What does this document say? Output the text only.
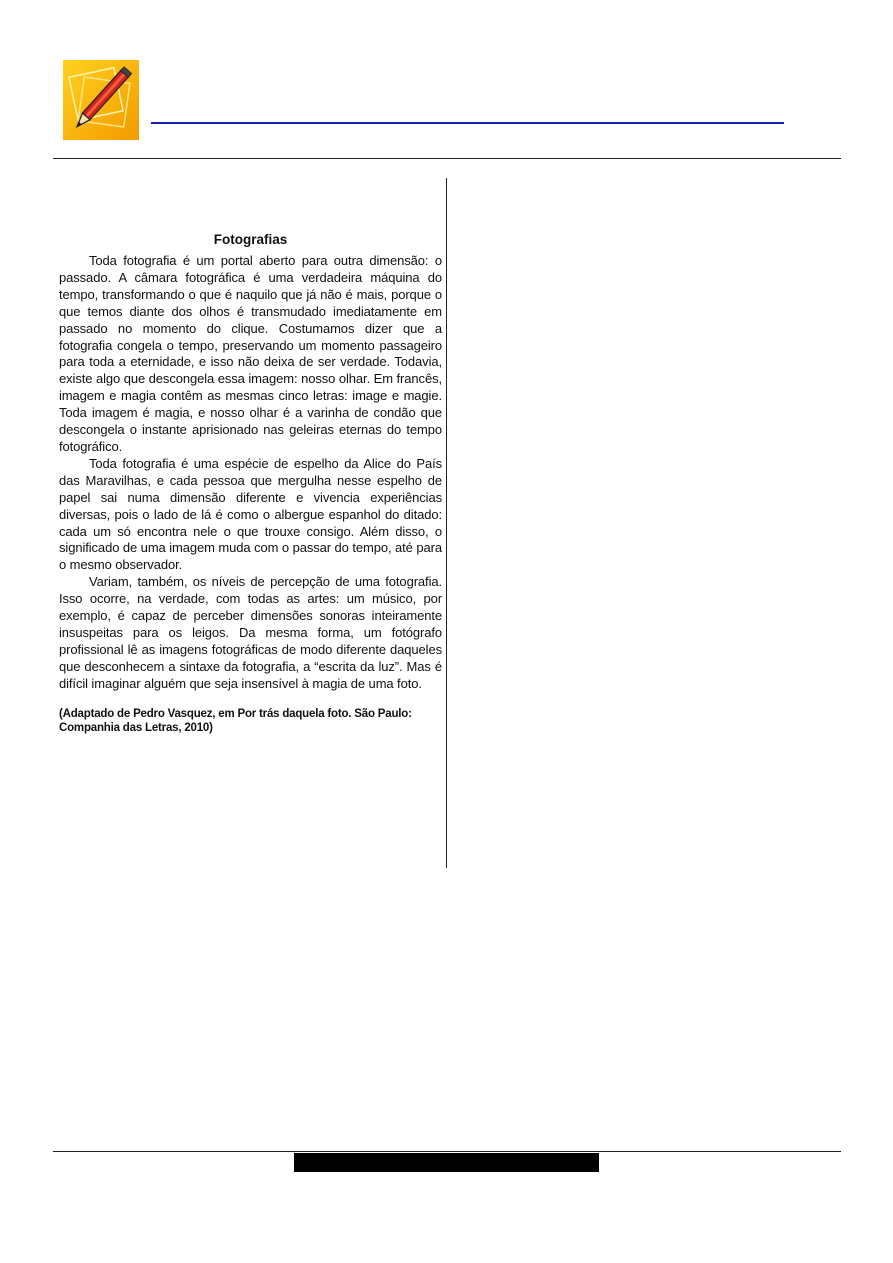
Fotografias

Toda fotografia é um portal aberto para outra dimensão: o passado. A câmara fotográfica é uma verdadeira máquina do tempo, transformando o que é naquilo que já não é mais, porque o que temos diante dos olhos é transmudado imediatamente em passado no momento do clique. Costumamos dizer que a fotografia congela o tempo, preservando um momento passageiro para toda a eternidade, e isso não deixa de ser verdade. Todavia, existe algo que descongela essa imagem: nosso olhar. Em francês, imagem e magia contêm as mesmas cinco letras: image e magie. Toda imagem é magia, e nosso olhar é a varinha de condão que descongela o instante aprisionado nas geleiras eternas do tempo fotográfico.

Toda fotografia é uma espécie de espelho da Alice do País das Maravilhas, e cada pessoa que mergulha nesse espelho de papel sai numa dimensão diferente e vivencia experiências diversas, pois o lado de lá é como o albergue espanhol do ditado: cada um só encontra nele o que trouxe consigo. Além disso, o significado de uma imagem muda com o passar do tempo, até para o mesmo observador.

Variam, também, os níveis de percepção de uma fotografia. Isso ocorre, na verdade, com todas as artes: um músico, por exemplo, é capaz de perceber dimensões sonoras inteiramente insuspeitas para os leigos. Da mesma forma, um fotógrafo profissional lê as imagens fotográficas de modo diferente daqueles que desconhecem a sintaxe da fotografia, a “escrita da luz”. Mas é difícil imaginar alguém que seja insensível à magia de uma foto.

(Adaptado de Pedro Vasquez, em Por trás daquela foto. São Paulo: Companhia das Letras, 2010)
